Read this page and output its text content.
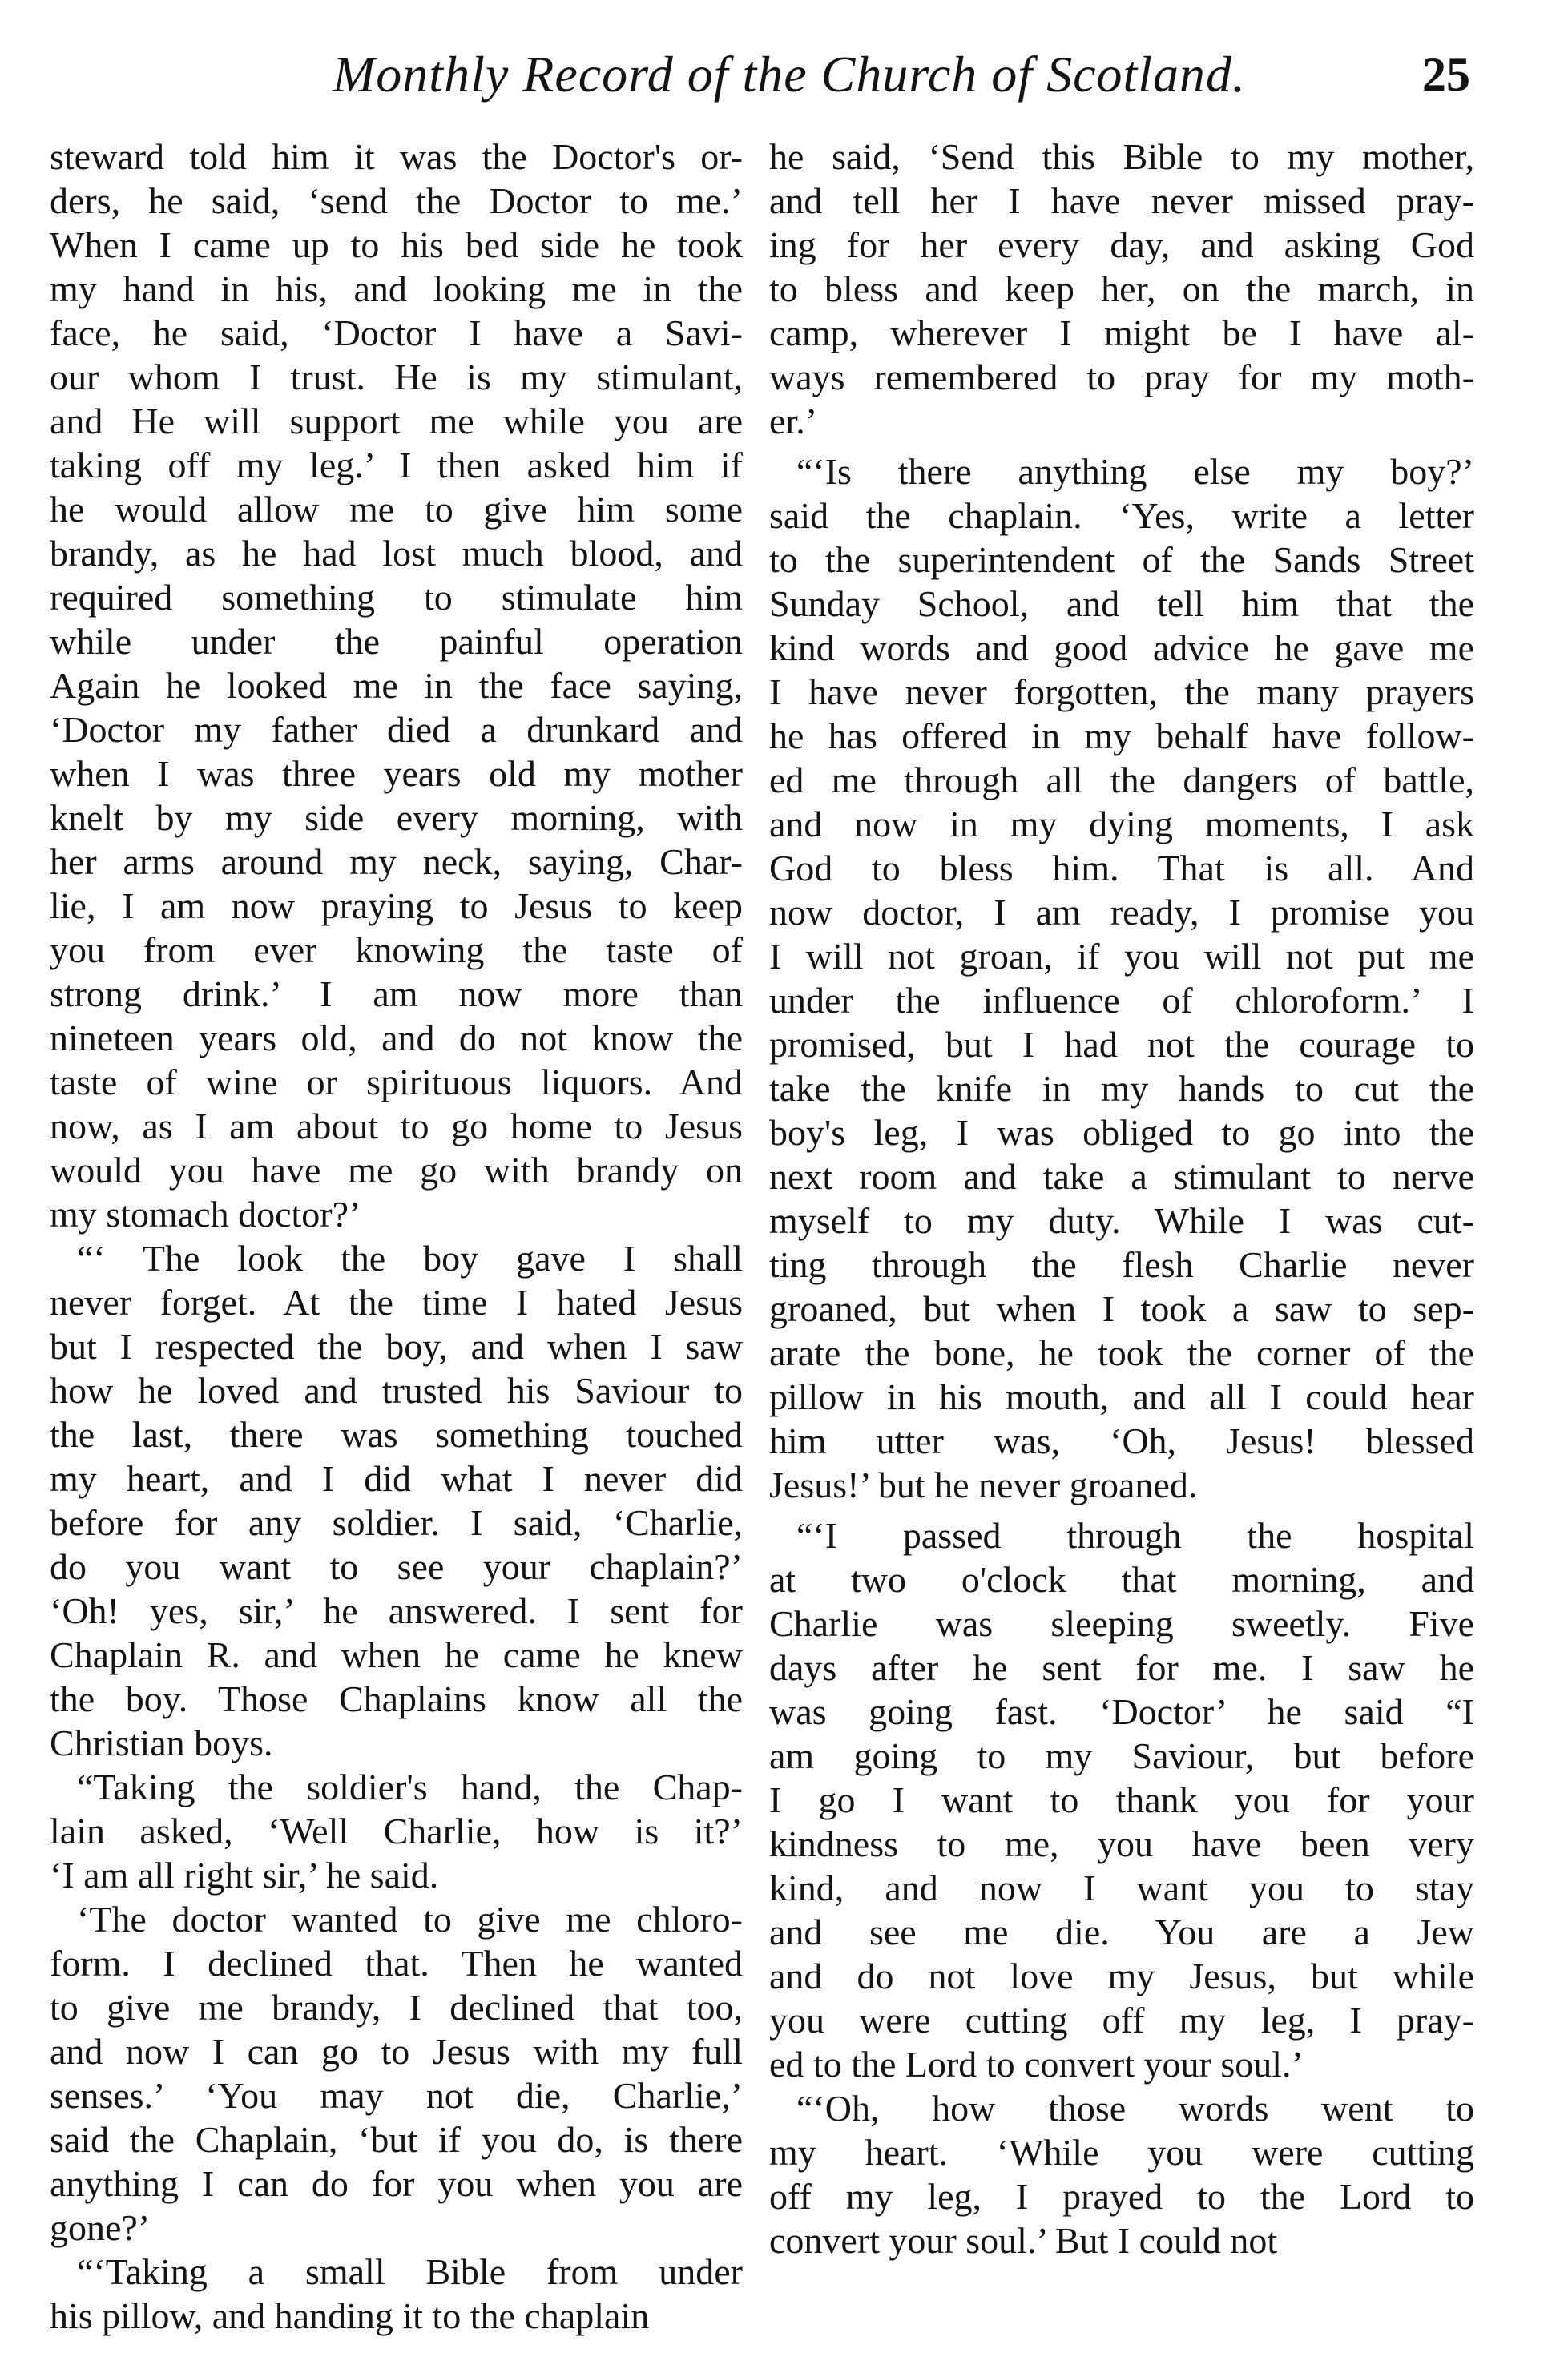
Monthly Record of the Church of Scotland.	25
steward told him it was the Doctor's or-
ders, he said, ‘send the Doctor to me.’
When I came up to his bed side he took
my hand in his, and looking me in the
face, he said, ‘Doctor I have a Savi-
our whom I trust. He is my stimulant,
and He will support me while you are
taking off my leg.’ I then asked him if
he would allow me to give him some
brandy, as he had lost much blood, and
required something to stimulate him
while under the painful operation
Again he looked me in the face saying,
‘Doctor my father died a drunkard and
when I was three years old my mother
knelt by my side every morning, with
her arms around my neck, saying, Char-
lie, I am now praying to Jesus to keep
you from ever knowing the taste of
strong drink.’ I am now more than
nineteen years old, and do not know the
taste of wine or spirituous liquors. And
now, as I am about to go home to Jesus
would you have me go with brandy on
my stomach doctor?’
“‘ The look the boy gave I shall
never forget. At the time I hated Jesus
but I respected the boy, and when I saw
how he loved and trusted his Saviour to
the last, there was something touched
my heart, and I did what I never did
before for any soldier. I said, ‘Charlie,
do you want to see your chaplain?’
‘Oh! yes, sir,’ he answered. I sent for
Chaplain R. and when he came he knew
the boy. Those Chaplains know all the
Christian boys.
“Taking the soldier's hand, the Chap-
lain asked, ‘Well Charlie, how is it?’
‘I am all right sir,’ he said.
‘The doctor wanted to give me chloro-
form. I declined that. Then he wanted
to give me brandy, I declined that too,
and now I can go to Jesus with my full
senses.’ ‘You may not die, Charlie,’
said the Chaplain, ‘but if you do, is there
anything I can do for you when you are
gone?’
“‘Taking a small Bible from under
his pillow, and handing it to the chaplain
he said, ‘Send this Bible to my mother,
and tell her I have never missed pray-
ing for her every day, and asking God
to bless and keep her, on the march, in
camp, wherever I might be I have al-
ways remembered to pray for my moth-
er.’
“‘Is there anything else my boy?’
said the chaplain. ‘Yes, write a letter
to the superintendent of the Sands Street
Sunday School, and tell him that the
kind words and good advice he gave me
I have never forgotten, the many prayers
he has offered in my behalf have follow-
ed me through all the dangers of battle,
and now in my dying moments, I ask
God to bless him. That is all. And
now doctor, I am ready, I promise you
I will not groan, if you will not put me
under the influence of chloroform.’ I
promised, but I had not the courage to
take the knife in my hands to cut the
boy's leg, I was obliged to go into the
next room and take a stimulant to nerve
myself to my duty. While I was cut-
ting through the flesh Charlie never
groaned, but when I took a saw to sep-
arate the bone, he took the corner of the
pillow in his mouth, and all I could hear
him utter was, ‘Oh, Jesus! blessed
Jesus!’ but he never groaned.
“‘I passed through the hospital
at two o'clock that morning, and
Charlie was sleeping sweetly. Five
days after he sent for me. I saw he
was going fast. ‘Doctor’ he said “I
am going to my Saviour, but before
I go I want to thank you for your
kindness to me, you have been very
kind, and now I want you to stay
and see me die. You are a Jew
and do not love my Jesus, but while
you were cutting off my leg, I pray-
ed to the Lord to convert your soul.’
“‘Oh, how those words went to
my heart. ‘While you were cutting
off my leg, I prayed to the Lord to
convert your soul.’ But I could not
